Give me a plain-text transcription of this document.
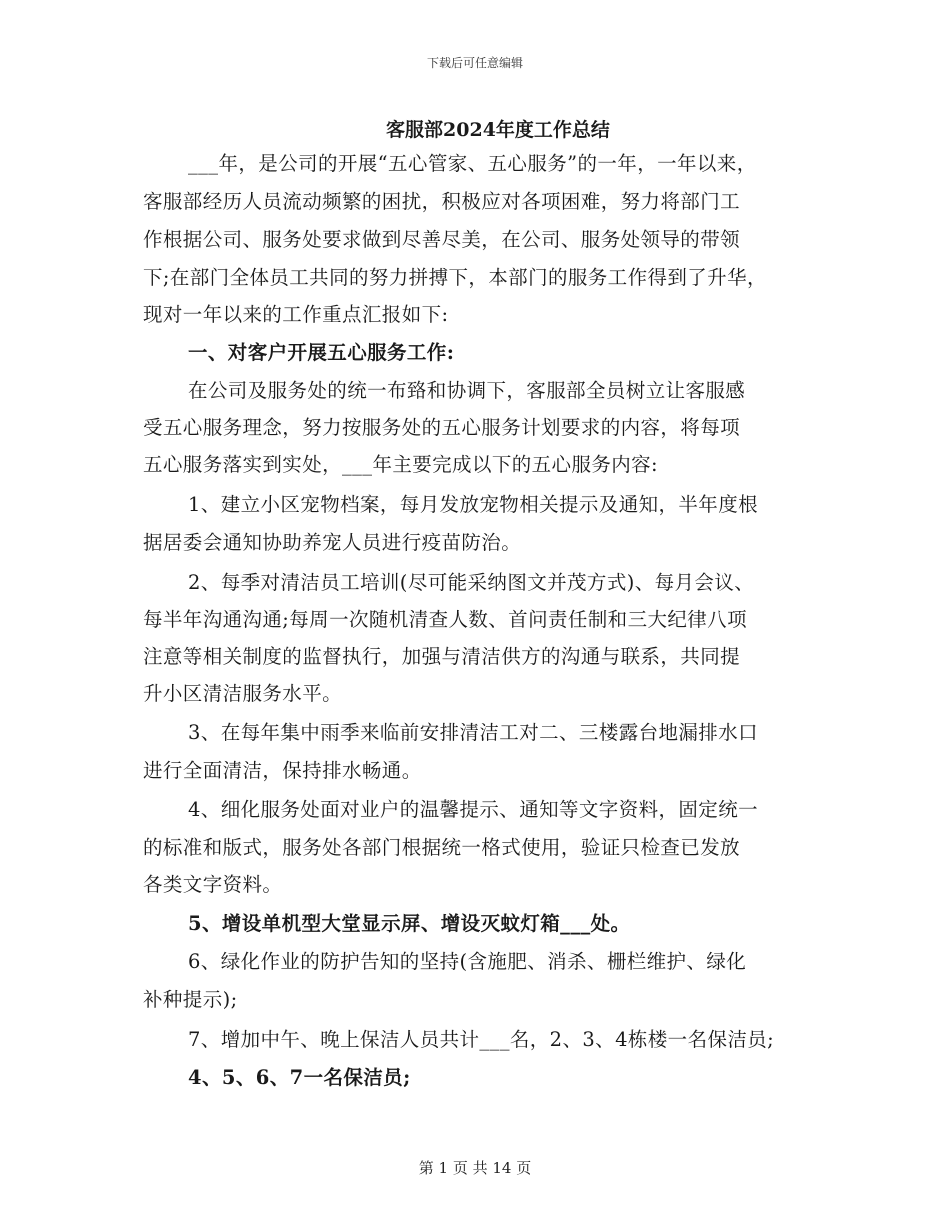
下载后可任意编辑
客服部2024年度工作总结
___年，是公司的开展“五心管家、五心服务”的一年，一年以来，
客服部经历人员流动频繁的困扰，积极应对各项困难，努力将部门工
作根据公司、服务处要求做到尽善尽美，在公司、服务处领导的带领
下;在部门全体员工共同的努力拼搏下，本部门的服务工作得到了升华，
现对一年以来的工作重点汇报如下:
一、对客户开展五心服务工作:
在公司及服务处的统一布臵和协调下，客服部全员树立让客服感
受五心服务理念，努力按服务处的五心服务计划要求的内容，将每项
五心服务落实到实处，___年主要完成以下的五心服务内容:
1、建立小区宠物档案，每月发放宠物相关提示及通知，半年度根
据居委会通知协助养宠人员进行疫苗防治。
2、每季对清洁员工培训(尽可能采纳图文并茂方式)、每月会议、
每半年沟通沟通;每周一次随机清查人数、首问责任制和三大纪律八项
注意等相关制度的监督执行，加强与清洁供方的沟通与联系，共同提
升小区清洁服务水平。
3、在每年集中雨季来临前安排清洁工对二、三楼露台地漏排水口
进行全面清洁，保持排水畅通。
4、细化服务处面对业户的温馨提示、通知等文字资料，固定统一
的标准和版式，服务处各部门根据统一格式使用，验证只检查已发放
各类文字资料。
5、增设单机型大堂显示屏、增设灭蚊灯箱___处。
6、绿化作业的防护告知的坚持(含施肥、消杀、栅栏维护、绿化
补种提示);
7、增加中午、晚上保洁人员共计___名，2、3、4栋楼一名保洁员;
4、5、6、7一名保洁员;
第 1 页 共 14 页
